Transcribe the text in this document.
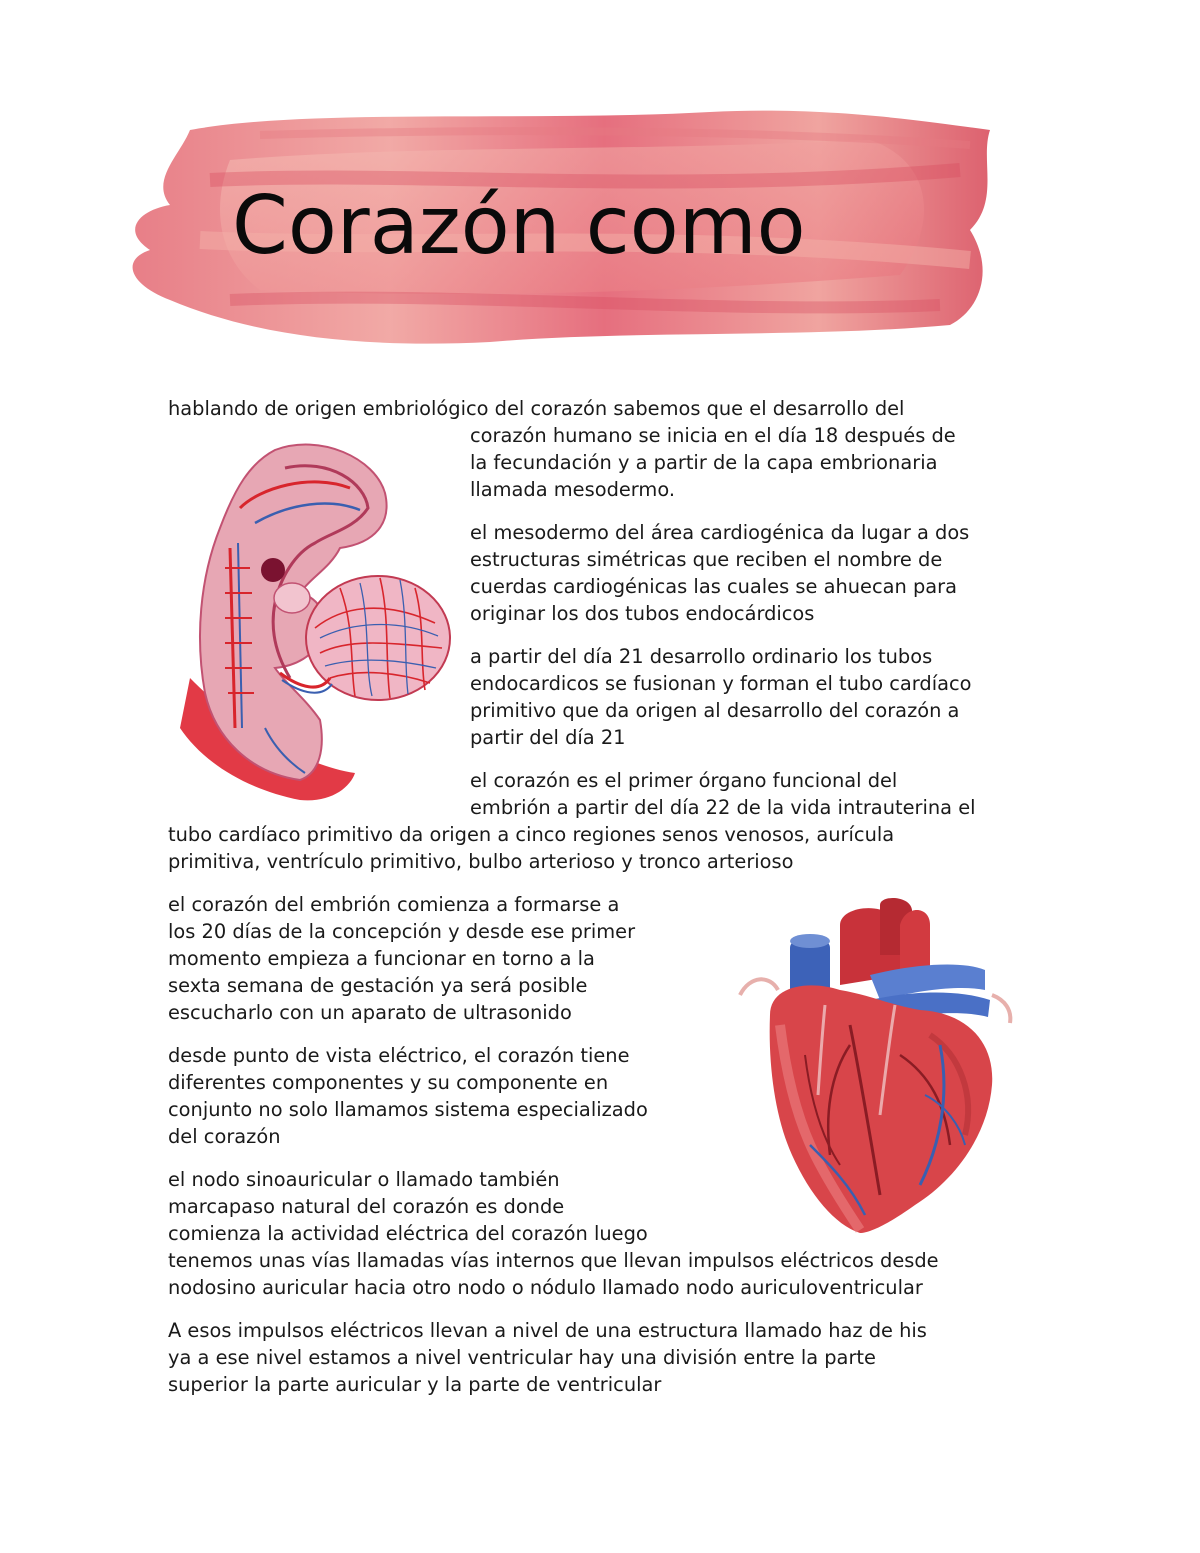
Corazón como

hablando de origen embriológico del corazón sabemos que el desarrollo del

corazón humano se inicia en el día 18 después de

la fecundación y a partir de la capa embrionaria

llamada mesodermo.

el mesodermo del área cardiogénica da lugar a dos

estructuras simétricas que reciben el nombre de

cuerdas cardiogénicas las cuales se ahuecan para

originar los dos tubos endocárdicos

a partir del día 21 desarrollo ordinario los tubos

endocardicos se fusionan y forman el tubo cardíaco

primitivo que da origen al desarrollo del corazón a

partir del día 21

el corazón es el primer órgano funcional del

embrión a partir del día 22 de la vida intrauterina el

tubo cardíaco primitivo da origen a cinco regiones senos venosos, aurícula

primitiva, ventrículo primitivo, bulbo arterioso y tronco arterioso

el corazón del embrión comienza a formarse a

los 20 días de la concepción y desde ese primer

momento empieza a funcionar en torno a la

sexta semana de gestación ya será posible

escucharlo con un aparato de ultrasonido

desde punto de vista eléctrico, el corazón tiene

diferentes componentes y su componente en

conjunto no solo llamamos sistema especializado

del corazón

el nodo sinoauricular o llamado también

marcapaso natural del corazón es donde

comienza la actividad eléctrica del corazón luego

tenemos unas vías llamadas vías internos que llevan impulsos eléctricos desde

nodosino auricular hacia otro nodo o nódulo llamado nodo auriculoventricular

A esos impulsos eléctricos llevan a nivel de una estructura llamado haz de his

ya a ese nivel estamos a nivel ventricular hay una división entre la parte

superior la parte auricular y la parte de ventricular
